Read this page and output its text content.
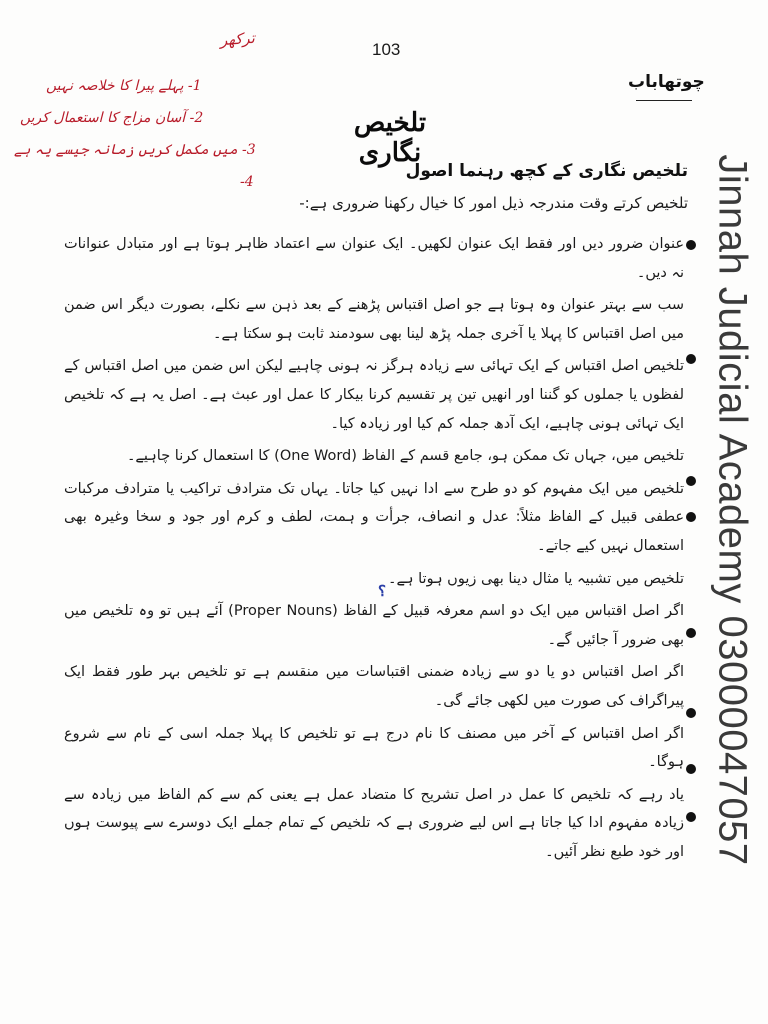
ترکھر
1- پہلے پیرا کا خلاصہ نہیں
2- آسان مزاج کا استعمال کریں
3- میں مکمل کریں زمانہ جیسے یہ ہے
4-
103
چوتھاباب
تلخیص نگاری
تلخیص نگاری کے کچھ رہنما اصول
تلخیص کرتے وقت مندرجہ ذیل امور کا خیال رکھنا ضروری ہے:-

عنوان ضرور دیں اور فقط ایک عنوان لکھیں۔ ایک عنوان سے اعتماد ظاہر ہوتا ہے اور متبادل عنوانات نہ دیں۔

سب سے بہتر عنوان وہ ہوتا ہے جو اصل اقتباس پڑھنے کے بعد ذہن سے نکلے، بصورت دیگر اس ضمن میں اصل اقتباس کا پہلا یا آخری جملہ پڑھ لینا بھی سودمند ثابت ہو سکتا ہے۔

تلخیص اصل اقتباس کے ایک تہائی سے زیادہ ہرگز نہ ہونی چاہیے لیکن اس ضمن میں اصل اقتباس کے لفظوں یا جملوں کو گننا اور انھیں تین پر تقسیم کرنا بیکار کا عمل اور عبث ہے۔ اصل یہ ہے کہ تلخیص ایک تہائی ہونی چاہیے، ایک آدھ جملہ کم کیا اور زیادہ کیا۔

تلخیص میں، جہاں تک ممکن ہو، جامع قسم کے الفاظ (One Word) کا استعمال کرنا چاہیے۔

تلخیص میں ایک مفہوم کو دو طرح سے ادا نہیں کیا جاتا۔ یہاں تک مترادف تراکیب یا مترادف مرکبات عطفی قبیل کے الفاظ مثلاً: عدل و انصاف، جرأت و ہمت، لطف و کرم اور جود و سخا وغیرہ بھی استعمال نہیں کیے جاتے۔

تلخیص میں تشبیہ یا مثال دینا بھی زیوں ہوتا ہے۔

اگر اصل اقتباس میں ایک دو اسم معرفہ قبیل کے الفاظ (Proper Nouns) آئے ہیں تو وہ تلخیص میں بھی ضرور آ جائیں گے۔

اگر اصل اقتباس دو یا دو سے زیادہ ضمنی اقتباسات میں منقسم ہے تو تلخیص بہر طور فقط ایک پیراگراف کی صورت میں لکھی جائے گی۔

اگر اصل اقتباس کے آخر میں مصنف کا نام درج ہے تو تلخیص کا پہلا جملہ اسی کے نام سے شروع ہوگا۔

یاد رہے کہ تلخیص کا عمل در اصل تشریح کا متضاد عمل ہے یعنی کم سے کم الفاظ میں زیادہ سے زیادہ مفہوم ادا کیا جاتا ہے اس لیے ضروری ہے کہ تلخیص کے تمام جملے ایک دوسرے سے پیوست ہوں اور خود طبع نظر آئیں۔

؟	Jinnah Judicial Academy 03000047057
